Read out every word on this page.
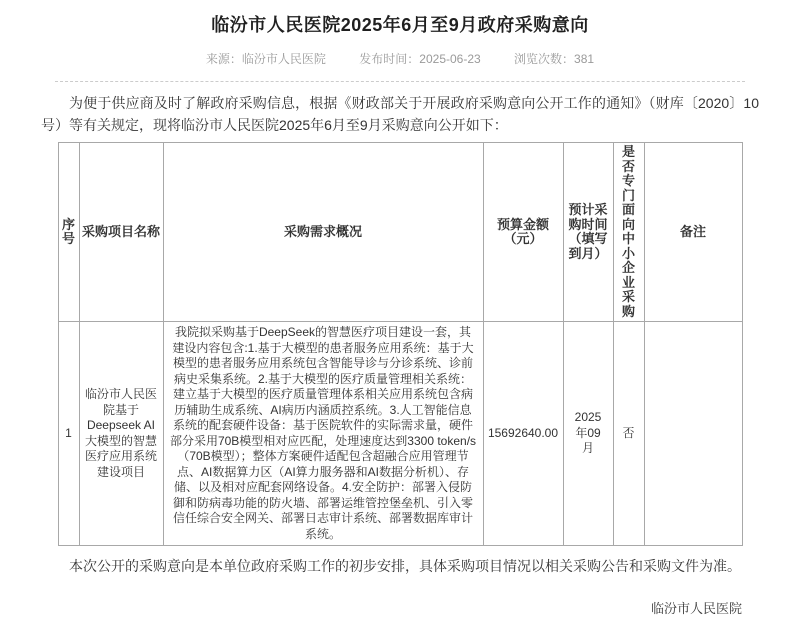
临汾市人民医院2025年6月至9月政府采购意向
来源：临汾市人民医院	发布时间：2025-06-23	浏览次数：381

为便于供应商及时了解政府采购信息，根据《财政部关于开展政府采购意向公开工作的通知》（财库〔2020〕10号）等有关规定，现将临汾市人民医院2025年6月至9月采购意向公开如下：

序号	采购项目名称	采购需求概况	预算金额（元）	预计采购时间（填写到月）	是否专门面向中小企业采购	备注
1	临汾市人民医院基于Deepseek AI大模型的智慧医疗应用系统建设项目	我院拟采购基于DeepSeek的智慧医疗项目建设一套，其建设内容包含:1.基于大模型的患者服务应用系统：基于大模型的患者服务应用系统包含智能导诊与分诊系统、诊前病史采集系统。2.基于大模型的医疗质量管理相关系统：建立基于大模型的医疗质量管理体系相关应用系统包含病历辅助生成系统、AI病历内涵质控系统。3.人工智能信息系统的配套硬件设备：基于医院软件的实际需求量，硬件部分采用70B模型相对应匹配，处理速度达到3300 token/s（70B模型）；整体方案硬件适配包含超融合应用管理节点、AI数据算力区（AI算力服务器和AI数据分析机）、存储、以及相对应配套网络设备。4.安全防护：部署入侵防御和防病毒功能的防火墙、部署运维管控堡垒机、引入零信任综合安全网关、部署日志审计系统、部署数据库审计系统。	15692640.00	2025年09月	否	

本次公开的采购意向是本单位政府采购工作的初步安排，具体采购项目情况以相关采购公告和采购文件为准。

临汾市人民医院
